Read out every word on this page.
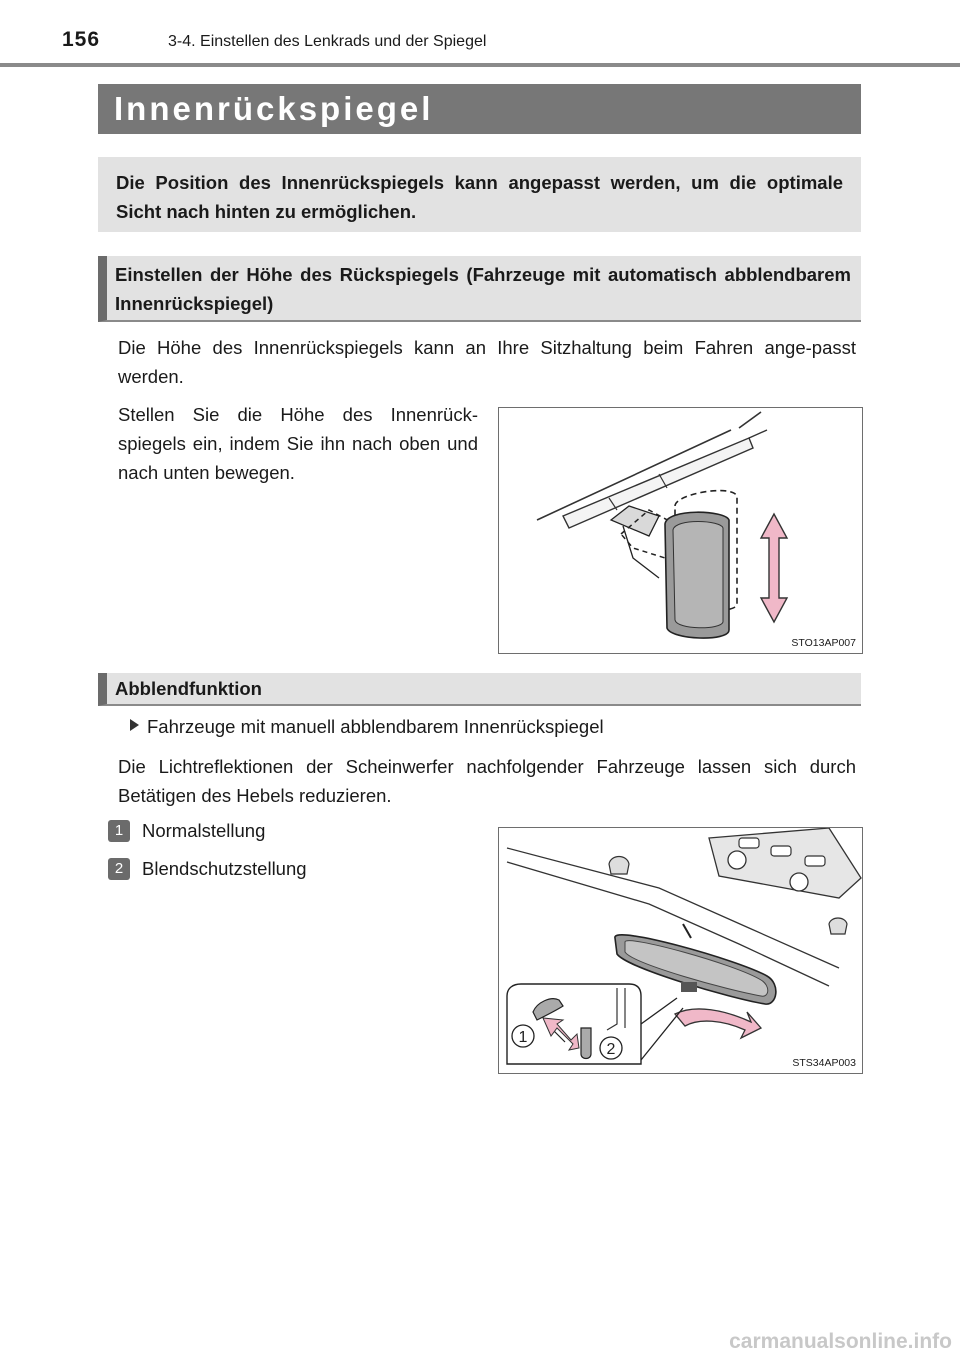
156	3-4. Einstellen des Lenkrads und der Spiegel
Innenrückspiegel
Die Position des Innenrückspiegels kann angepasst werden, um die optimale Sicht nach hinten zu ermöglichen.
Einstellen der Höhe des Rückspiegels (Fahrzeuge mit automatisch abblendbarem Innenrückspiegel)
Die Höhe des Innenrückspiegels kann an Ihre Sitzhaltung beim Fahren ange-passt werden.
Stellen Sie die Höhe des Innenrück-spiegels ein, indem Sie ihn nach oben und nach unten bewegen.
STO13AP007
Abblendfunktion
Fahrzeuge mit manuell abblendbarem Innenrückspiegel
Die Lichtreflektionen der Scheinwerfer nachfolgender Fahrzeuge lassen sich durch Betätigen des Hebels reduzieren.
1 Normalstellung
2 Blendschutzstellung
1
2
STS34AP003
carmanualsonline.info
